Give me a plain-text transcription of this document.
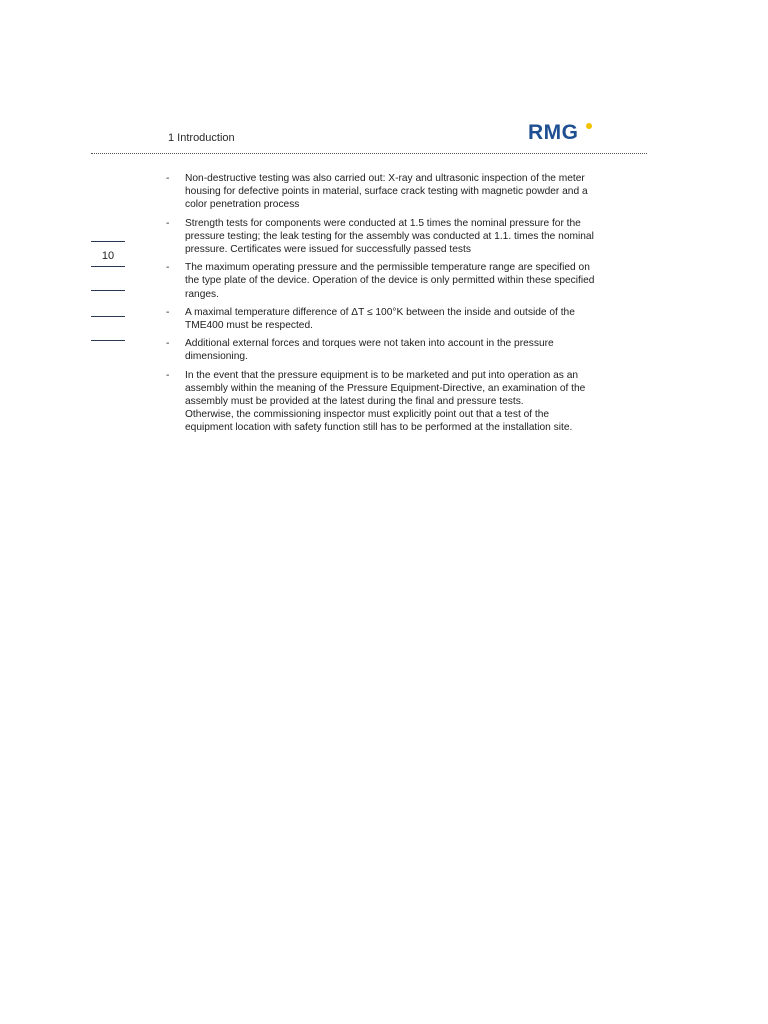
1 Introduction	RMG
10
-	Non-destructive testing was also carried out: X-ray and ultrasonic inspection of the meter housing for defective points in material, surface crack testing with magnetic powder and a color penetration process

-	Strength tests for components were conducted at 1.5 times the nominal pressure for the pressure testing; the leak testing for the assembly was conducted at 1.1. times the nominal pressure. Certificates were issued for successfully passed tests

-	The maximum operating pressure and the permissible temperature range are specified on the type plate of the device. Operation of the device is only permitted within these specified ranges.

-	A maximal temperature difference of ΔT ≤ 100°K between the inside and outside of the TME400 must be respected.

-	Additional external forces and torques were not taken into account in the pressure dimensioning.

-	In the event that the pressure equipment is to be marketed and put into operation as an assembly within the meaning of the Pressure Equipment-Directive, an examination of the assembly must be provided at the latest during the final and pressure tests.

Otherwise, the commissioning inspector must explicitly point out that a test of the equipment location with safety function still has to be performed at the installation site.
